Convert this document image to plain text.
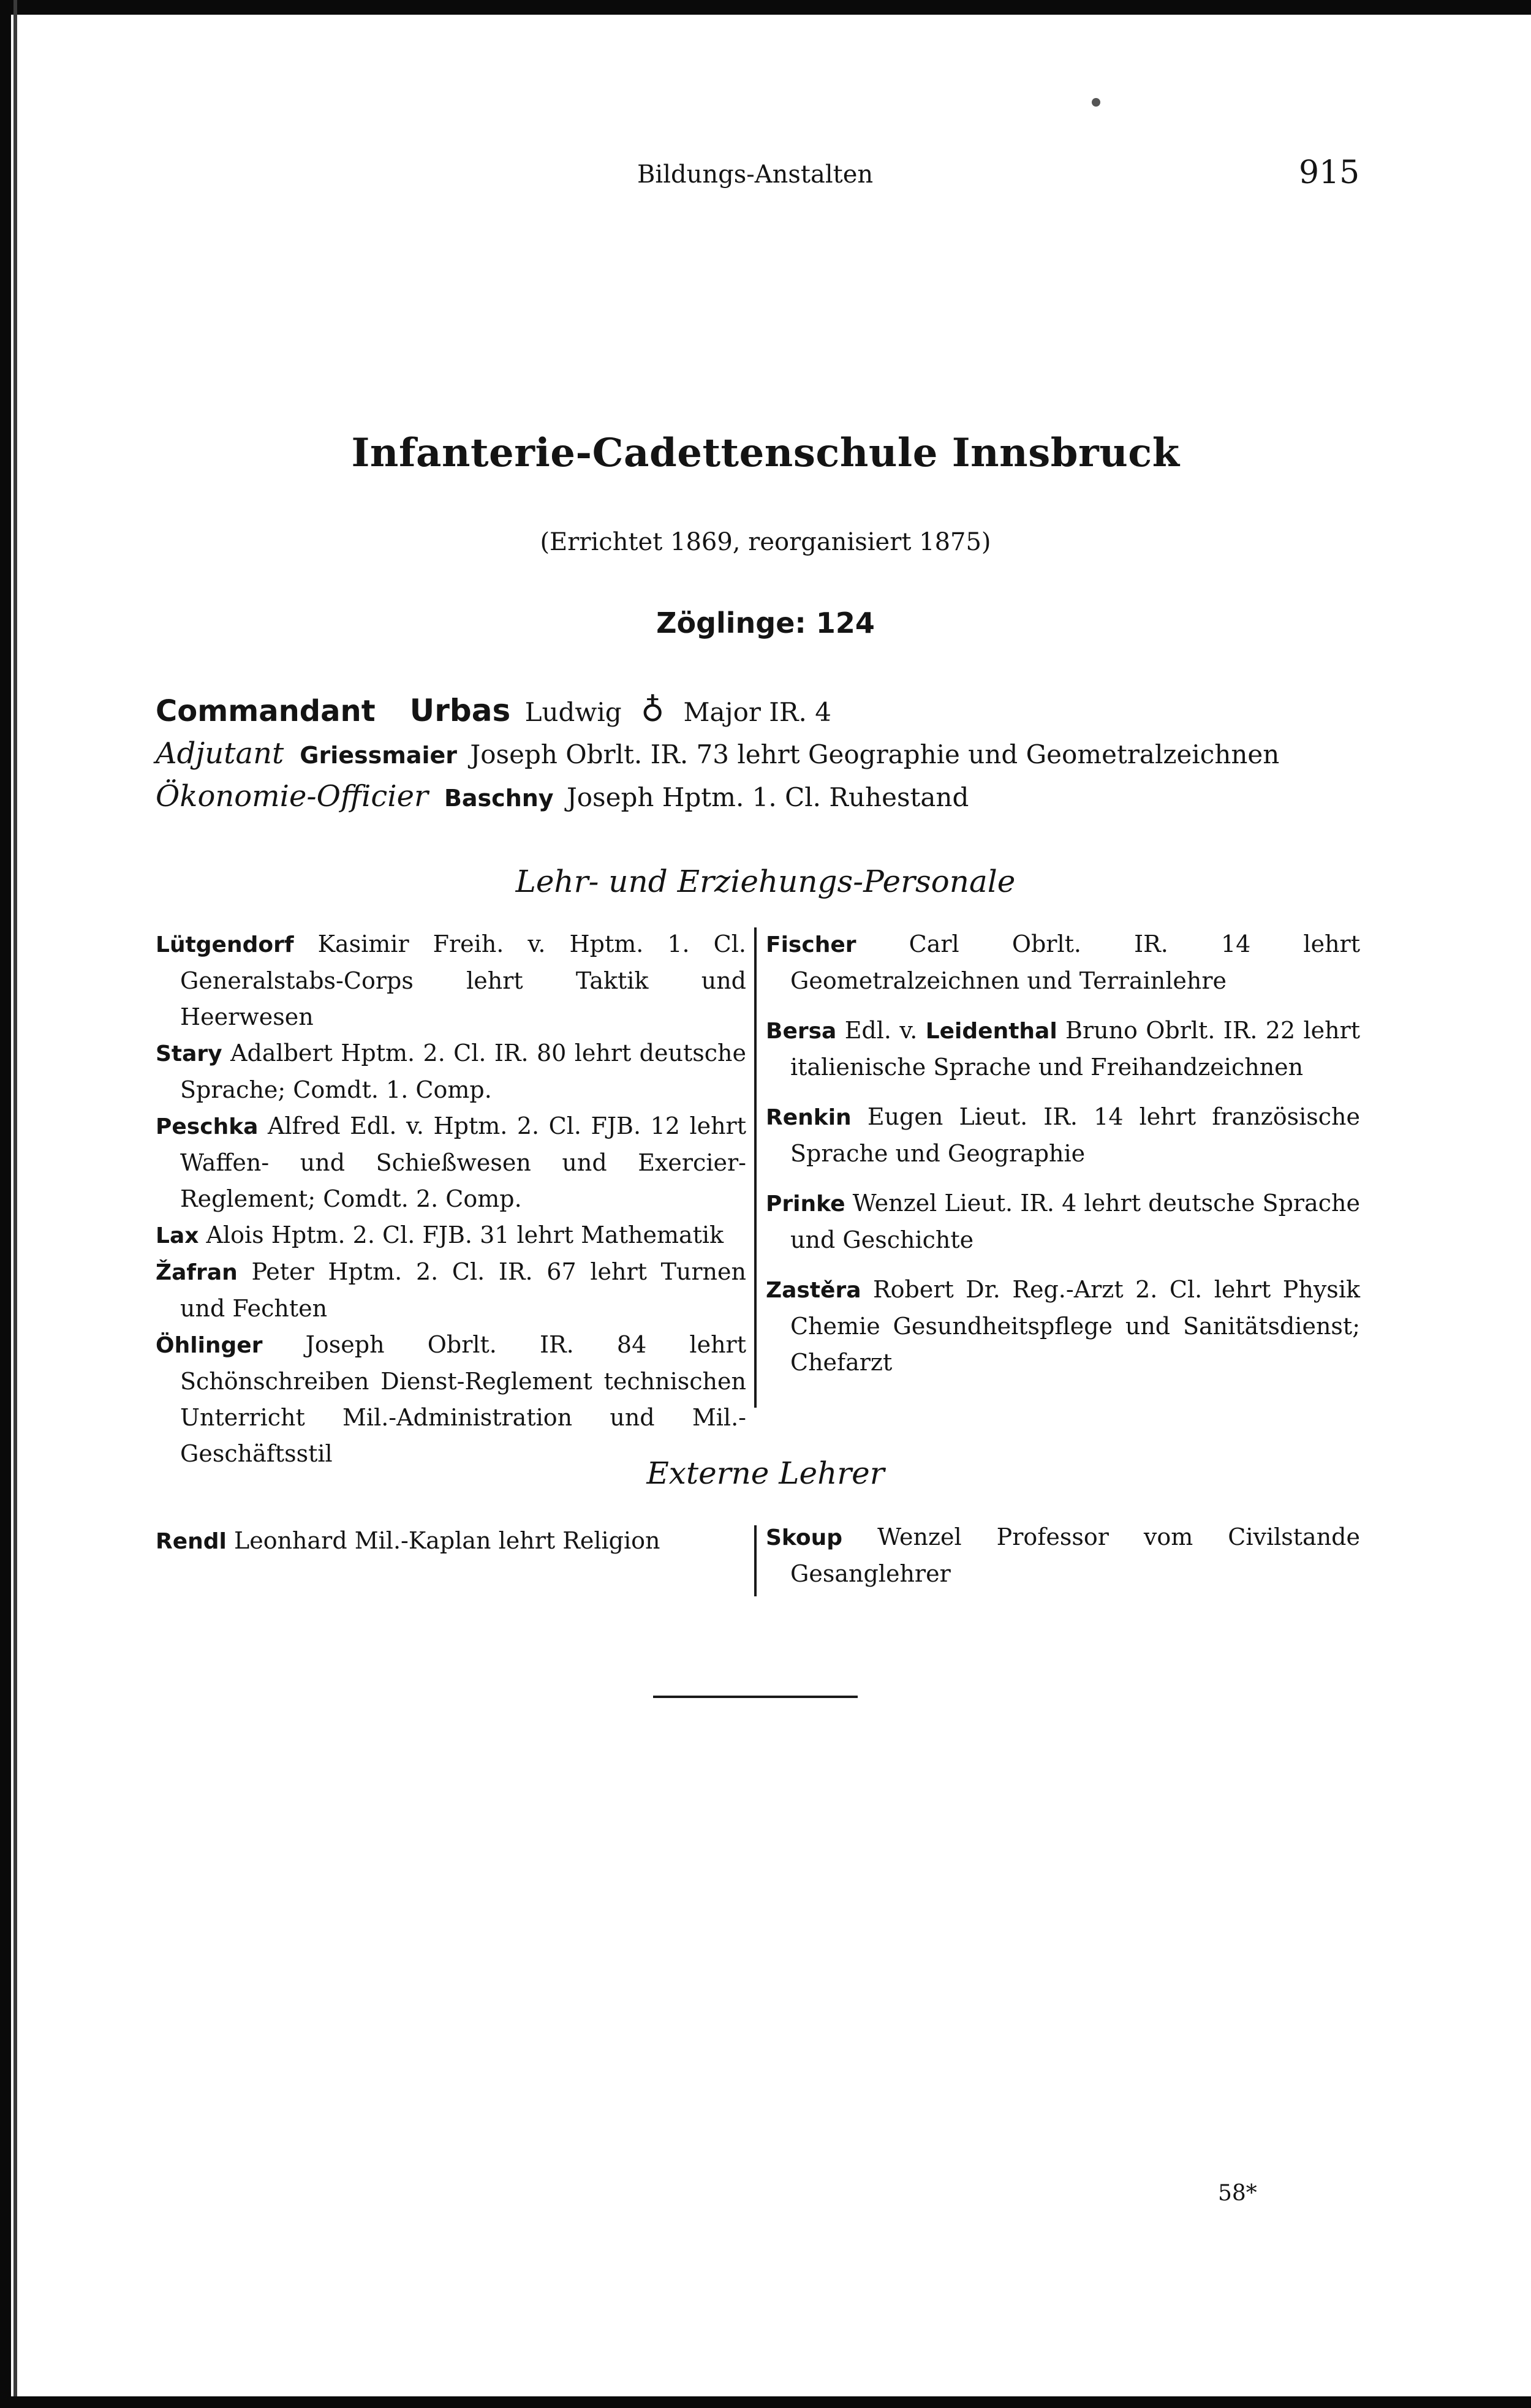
Bildungs-Anstalten	915
Infanterie-Cadettenschule Innsbruck
(Errichtet 1869, reorganisiert 1875)
Zöglinge: 124
Commandant Urbas Ludwig ♁ Major IR. 4
Adjutant Griessmaier Joseph Obrlt. IR. 73 lehrt Geographie und Geometralzeichnen
Ökonomie-Officier Baschny Joseph Hptm. 1. Cl. Ruhestand
Lehr- und Erziehungs-Personale
Lütgendorf Kasimir Freih. v. Hptm. 1. Cl. Generalstabs-Corps lehrt Taktik und Heerwesen
Stary Adalbert Hptm. 2. Cl. IR. 80 lehrt deutsche Sprache; Comdt. 1. Comp.
Peschka Alfred Edl. v. Hptm. 2. Cl. FJB. 12 lehrt Waffen- und Schießwesen und Exercier-Reglement; Comdt. 2. Comp.
Lax Alois Hptm. 2. Cl. FJB. 31 lehrt Mathematik
Žafran Peter Hptm. 2. Cl. IR. 67 lehrt Turnen und Fechten
Öhlinger Joseph Obrlt. IR. 84 lehrt Schönschreiben Dienst-Reglement technischen Unterricht Mil.-Administration und Mil.-Geschäftsstil
Fischer Carl Obrlt. IR. 14 lehrt Geometralzeichnen und Terrainlehre
Bersa Edl. v. Leidenthal Bruno Obrlt. IR. 22 lehrt italienische Sprache und Freihandzeichnen
Renkin Eugen Lieut. IR. 14 lehrt französische Sprache und Geographie
Prinke Wenzel Lieut. IR. 4 lehrt deutsche Sprache und Geschichte
Zastěra Robert Dr. Reg.-Arzt 2. Cl. lehrt Physik Chemie Gesundheitspflege und Sanitätsdienst; Chefarzt
Externe Lehrer
Rendl Leonhard Mil.-Kaplan lehrt Religion	Skoup Wenzel Professor vom Civilstande Gesanglehrer
58*
